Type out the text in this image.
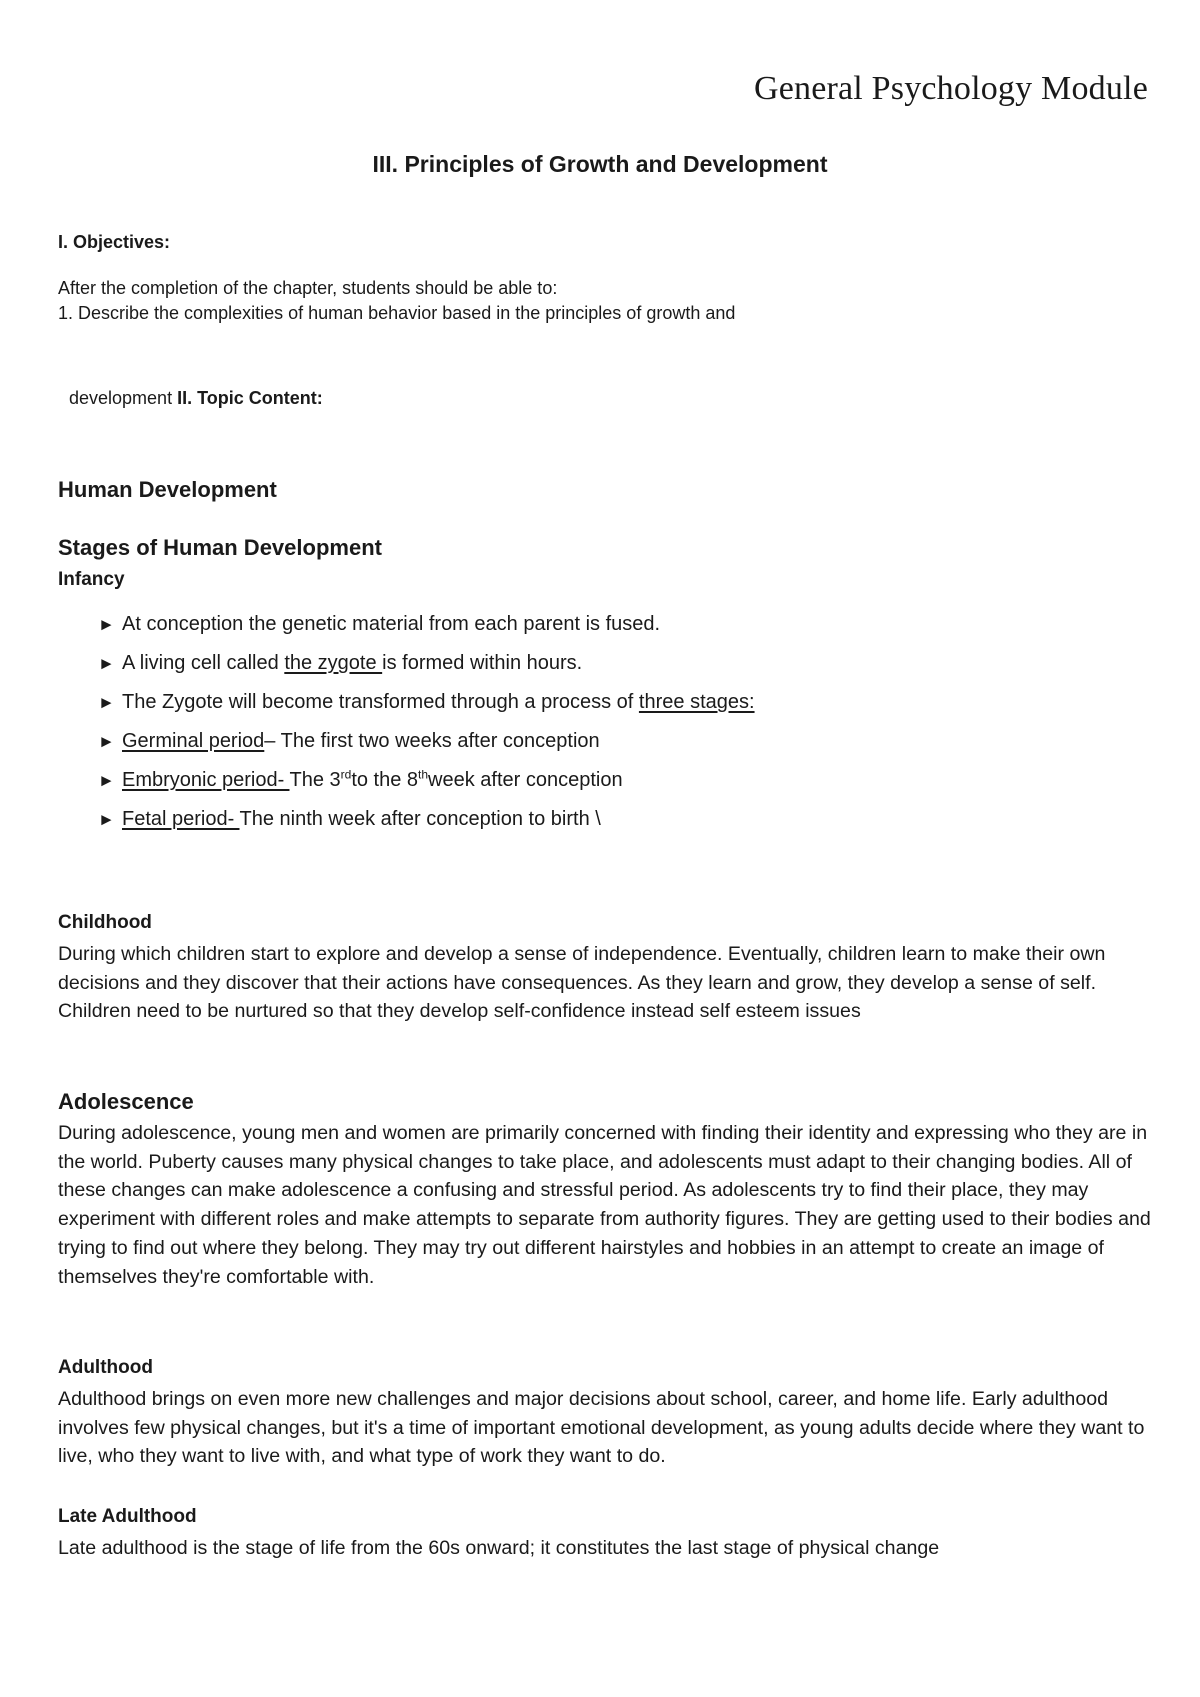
General Psychology Module
III. Principles of Growth and Development
I. Objectives:
After the completion of the chapter, students should be able to:
1. Describe the complexities of human behavior based in the principles of growth and
development II. Topic Content:
Human Development
Stages of Human Development
Infancy
► At conception the genetic material from each parent is fused.
► A living cell called the zygote is formed within hours.
► The Zygote will become transformed through a process of three stages:
► Germinal period– The first two weeks after conception
► Embryonic period- The 3rdto the 8thweek after conception
► Fetal period- The ninth week after conception to birth \
Childhood

During which children start to explore and develop a sense of independence. Eventually, children learn to make their own decisions and they discover that their actions have consequences. As they learn and grow, they develop a sense of self. Children need to be nurtured so that they develop self-confidence instead self esteem issues

Adolescence

During adolescence, young men and women are primarily concerned with finding their identity and expressing who they are in the world. Puberty causes many physical changes to take place, and adolescents must adapt to their changing bodies. All of these changes can make adolescence a confusing and stressful period. As adolescents try to find their place, they may experiment with different roles and make attempts to separate from authority figures. They are getting used to their bodies and trying to find out where they belong. They may try out different hairstyles and hobbies in an attempt to create an image of themselves they're comfortable with.

Adulthood

Adulthood brings on even more new challenges and major decisions about school, career, and home life. Early adulthood involves few physical changes, but it's a time of important emotional development, as young adults decide where they want to live, who they want to live with, and what type of work they want to do.

Late Adulthood

Late adulthood is the stage of life from the 60s onward; it constitutes the last stage of physical change
